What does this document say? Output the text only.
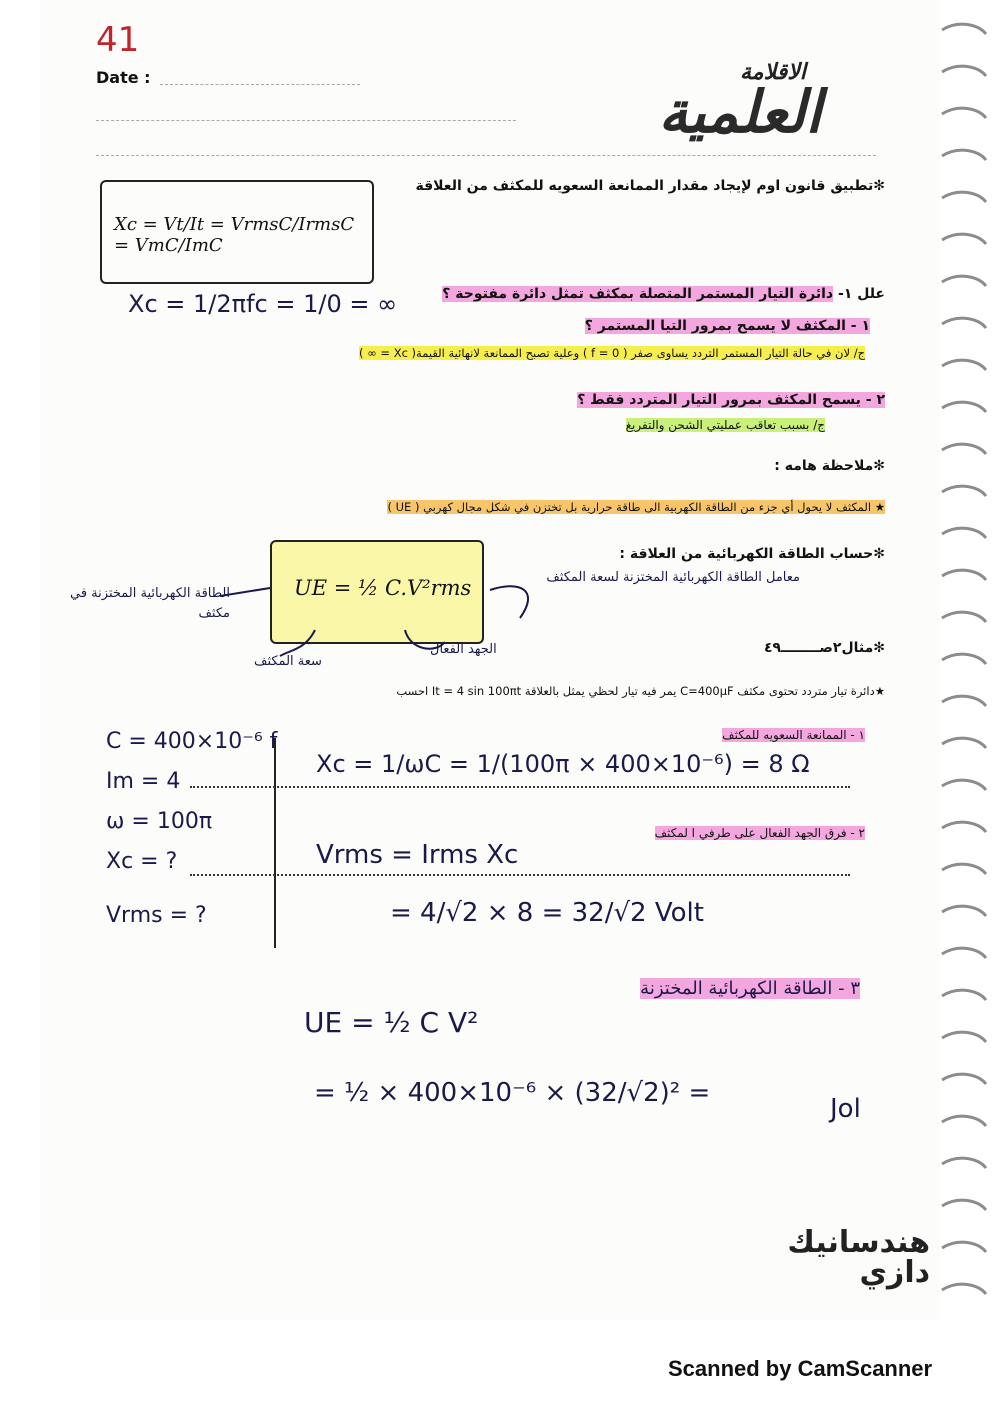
41
Date :	الاقلامة
العلمية
✻تطبيق قانون اوم لإيجاد مقدار الممانعة السعويه للمكثف من العلاقة
Xc = Vt/It = VrmsC/IrmsC = VmC/ImC
Xc = 1/2πfc = 1/0 = ∞	علل ١- دائرة التيار المستمر المتصلة بمكثف تمثل دائرة مفتوحة ؟
١ - المكثف لا يسمح بمرور التيا المستمر ؟
ج/ لان في حالة التيار المستمر التردد يساوى صفر ( f = 0 ) وعلية تصبح الممانعة لانهائية القيمة( Xc = ∞ )
٢ - يسمح المكثف بمرور التيار المتردد فقط ؟
ج/ بسبب تعاقب عمليتي الشحن والتفريغ
✻ملاحظة هامه :
★ المكثف لا يحول أي جزء من الطاقة الكهربية الى طاقة حرارية بل تختزن في شكل مجال كهربي ( UE )
✻حساب الطاقة الكهربائية من العلاقة :
UE = ½ C.V²rms
الطاقة الكهربائية المختزنة في مكثف
معامل الطاقة الكهربائية المختزنة لسعة المكثف
سعة المكثف
الجهد الفعال	✻مثال٢صــــــــ٤٩
★دائرة تيار متردد تحتوى مكثف C=400μF يمر فيه تيار لحظي يمثل بالعلاقة It = 4 sin 100πt احسب
C = 400×10⁻⁶ f
Im = 4
ω = 100π
Xc = ?
Vrms = ?
١ - الممانعة السعويه للمكثف
Xc = 1/ωC = 1/(100π × 400×10⁻⁶) = 8 Ω
٢ - فرق الجهد الفعال على طرفي ا لمكثف
Vrms = Irms Xc
= 4/√2 × 8 = 32/√2 Volt
٣ - الطاقة الكهربائية المختزنة
UE = ½ C V²
= ½ × 400×10⁻⁶ × (32/√2)² =
Jol
هندسانيك دازي
Scanned by CamScanner
